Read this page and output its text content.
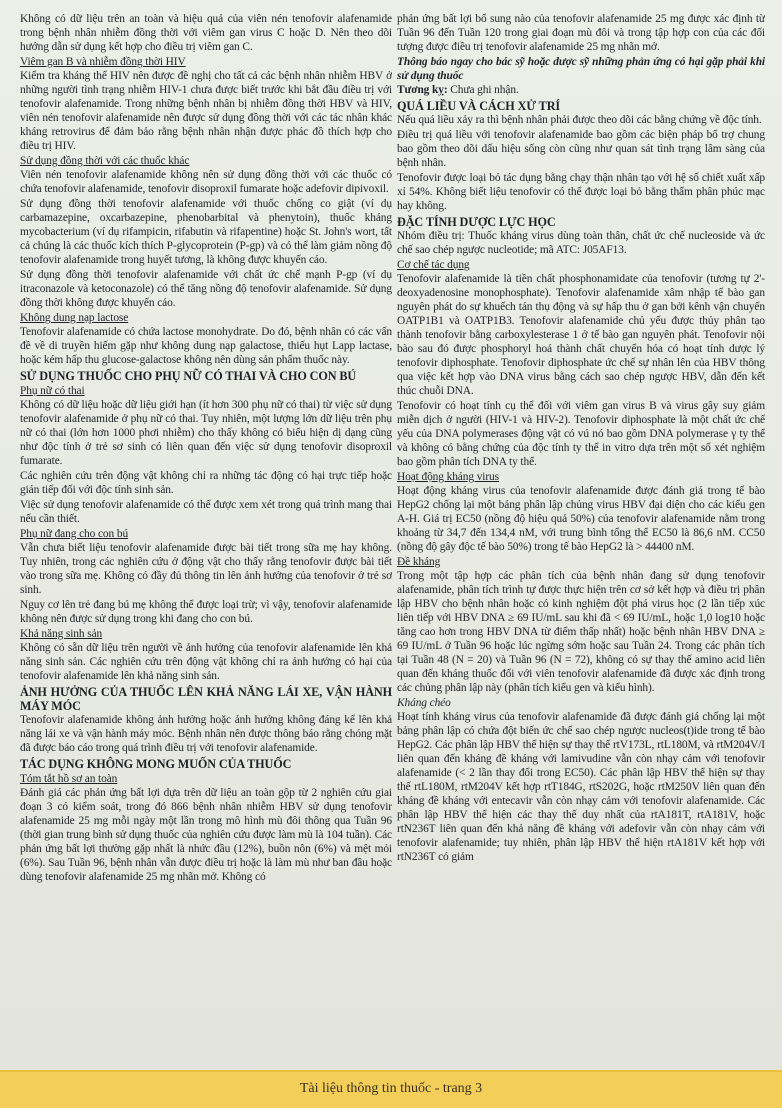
Không có dữ liệu trên an toàn và hiệu quả của viên nén tenofovir alafenamide trong bệnh nhân nhiễm đồng thời với viêm gan virus C hoặc D. Nên theo dõi hướng dẫn sử dụng kết hợp cho điều trị viêm gan C.
Viêm gan B và nhiễm đồng thời HIV
Kiểm tra kháng thể HIV nên được đề nghị cho tất cả các bệnh nhân nhiễm HBV ở những người tình trạng nhiễm HIV-1 chưa được biết trước khi bắt đầu điều trị với tenofovir alafenamide. Trong những bệnh nhân bị nhiễm đồng thời HBV và HIV, viên nén tenofovir alafenamide nên được sử dụng đồng thời với các tác nhân khác kháng retrovirus để đảm bảo rằng bệnh nhân nhận được phác đồ thích hợp cho điều trị HIV.
Sử dụng đồng thời với các thuốc khác
Viên nén tenofovir alafenamide không nên sử dụng đồng thời với các thuốc có chứa tenofovir alafenamide, tenofovir disoproxil fumarate hoặc adefovir dipivoxil.
Sử dụng đồng thời tenofovir alafenamide với thuốc chống co giật (ví dụ carbamazepine, oxcarbazepine, phenobarbital và phenytoin), thuốc kháng mycobacterium (ví dụ rifampicin, rifabutin và rifapentine) hoặc St. John's wort, tất cả chúng là các thuốc kích thích P-glycoprotein (P-gp) và có thể làm giảm nồng độ tenofovir alafenamide trong huyết tương, là không được khuyến cáo.
Sử dụng đồng thời tenofovir alafenamide với chất ức chế mạnh P-gp (ví dụ itraconazole và ketoconazole) có thể tăng nồng độ tenofovir alafenamide. Sử dụng đồng thời không được khuyến cáo.
Không dung nạp lactose
Tenofovir alafenamide có chứa lactose monohydrate. Do đó, bệnh nhân có các vấn đề về di truyền hiếm gặp như không dung nạp galactose, thiếu hụt Lapp lactase, hoặc kém hấp thu glucose-galactose không nên dùng sản phẩm thuốc này.
SỬ DỤNG THUỐC CHO PHỤ NỮ CÓ THAI VÀ CHO CON BÚ
Phụ nữ có thai
Không có dữ liệu hoặc dữ liệu giới hạn (ít hơn 300 phụ nữ có thai) từ việc sử dụng tenofovir alafenamide ở phụ nữ có thai. Tuy nhiên, một lượng lớn dữ liệu trên phụ nữ có thai (lớn hơn 1000 phơi nhiễm) cho thấy không có biểu hiện dị dạng cũng như độc tính ở trẻ sơ sinh có liên quan đến việc sử dụng tenofovir disoproxil fumarate.
Các nghiên cứu trên động vật không chỉ ra những tác động có hại trực tiếp hoặc gián tiếp đối với độc tính sinh sản.
Việc sử dụng tenofovir alafenamide có thể được xem xét trong quá trình mang thai nếu cần thiết.
Phụ nữ đang cho con bú
Vẫn chưa biết liệu tenofovir alafenamide được bài tiết trong sữa mẹ hay không. Tuy nhiên, trong các nghiên cứu ở động vật cho thấy rằng tenofovir được bài tiết vào trong sữa mẹ. Không có đầy đủ thông tin lên ảnh hưởng của tenofovir ở trẻ sơ sinh.
Nguy cơ lên trẻ đang bú mẹ không thể được loại trừ; vì vậy, tenofovir alafenamide không nên được sử dụng trong khi đang cho con bú.
Khả năng sinh sản
Không có sẵn dữ liệu trên người về ảnh hưởng của tenofovir alafenamide lên khả năng sinh sản. Các nghiên cứu trên động vật không chỉ ra ảnh hưởng có hại của tenofovir alafenamide lên khả năng sinh sản.
ẢNH HƯỞNG CỦA THUỐC LÊN KHẢ NĂNG LÁI XE, VẬN HÀNH MÁY MÓC
Tenofovir alafenamide không ảnh hưởng hoặc ảnh hưởng không đáng kể lên khả năng lái xe và vận hành máy móc. Bệnh nhân nên được thông báo rằng chóng mặt đã được báo cáo trong quá trình điều trị với tenofovir alafenamide.
TÁC DỤNG KHÔNG MONG MUỐN CỦA THUỐC
Tóm tắt hồ sơ an toàn
Đánh giá các phản ứng bất lợi dựa trên dữ liệu an toàn gộp từ 2 nghiên cứu giai đoạn 3 có kiểm soát, trong đó 866 bệnh nhân nhiễm HBV sử dụng tenofovir alafenamide 25 mg mỗi ngày một lần trong mô hình mù đôi thông qua Tuần 96 (thời gian trung bình sử dụng thuốc của nghiên cứu được làm mù là 104 tuần). Các phản ứng bất lợi thường gặp nhất là nhức đầu (12%), buồn nôn (6%) và mệt mỏi (6%). Sau Tuần 96, bệnh nhân vẫn được điều trị hoặc là làm mù như ban đầu hoặc dùng tenofovir alafenamide 25 mg nhãn mở. Không có
phản ứng bất lợi bổ sung nào của tenofovir alafenamide 25 mg được xác định từ Tuần 96 đến Tuần 120 trong giai đoạn mù đôi và trong tập hợp con của các đối tượng được điều trị tenofovir alafenamide 25 mg nhãn mở.
Thông báo ngay cho bác sỹ hoặc dược sỹ những phản ứng có hại gặp phải khi sử dụng thuốc
Tương kỵ: Chưa ghi nhận.
QUÁ LIỀU VÀ CÁCH XỬ TRÍ
Nếu quá liều xảy ra thì bệnh nhân phải được theo dõi các bằng chứng về độc tính.
Điều trị quá liều với tenofovir alafenamide bao gồm các biện pháp bổ trợ chung bao gồm theo dõi dấu hiệu sống còn cũng như quan sát tình trạng lâm sàng của bệnh nhân.
Tenofovir được loại bỏ tác dụng bằng chạy thận nhân tạo với hệ số chiết xuất xấp xỉ 54%. Không biết liệu tenofovir có thể được loại bỏ bằng thẩm phân phúc mạc hay không.
ĐẶC TÍNH DƯỢC LỰC HỌC
Nhóm điều trị: Thuốc kháng virus dùng toàn thân, chất ức chế nucleoside và ức chế sao chép ngược nucleotide; mã ATC: J05AF13.
Cơ chế tác dụng
Tenofovir alafenamide là tiền chất phosphonamidate của tenofovir (tương tự 2'-deoxyadenosine monophosphate). Tenofovir alafenamide xâm nhập tế bào gan nguyên phát do sự khuếch tán thụ động và sự hấp thu ở gan bởi kênh vận chuyển OATP1B1 và OATP1B3. Tenofovir alafenamide chủ yếu được thủy phân tạo thành tenofovir bằng carboxylesterase 1 ở tế bào gan nguyên phát. Tenofovir nội bào sau đó được phosphoryl hoá thành chất chuyển hóa có hoạt tính dược lý tenofovir diphosphate. Tenofovir diphosphate ức chế sự nhân lên của HBV thông qua việc kết hợp vào DNA virus bằng cách sao chép ngược HBV, dẫn đến kết thúc chuỗi DNA.
Tenofovir có hoạt tính cụ thể đối với viêm gan virus B và virus gây suy giảm miễn dịch ở người (HIV-1 và HIV-2). Tenofovir diphosphate là một chất ức chế yếu của DNA polymerases động vật có vú nó bao gồm DNA polymerase γ ty thể và không có bằng chứng của độc tính ty thể in vitro dựa trên một số xét nghiệm bao gồm phân tích DNA ty thể.
Hoạt động kháng virus
Hoạt động kháng virus của tenofovir alafenamide được đánh giá trong tế bào HepG2 chống lại một bảng phân lập chủng virus HBV đại diện cho các kiểu gen A-H. Giá trị EC50 (nồng độ hiệu quả 50%) của tenofovir alafenamide nằm trong khoảng từ 34,7 đến 134,4 nM, với trung bình tổng thể EC50 là 86,6 nM. CC50 (nồng độ gây độc tế bào 50%) trong tế bào HepG2 là > 44400 nM.
Đề kháng
Trong một tập hợp các phân tích của bệnh nhân đang sử dụng tenofovir alafenamide, phân tích trình tự được thực hiện trên cơ sở kết hợp và điều trị phân lập HBV cho bệnh nhân hoặc có kinh nghiệm đột phá virus học (2 lần tiếp xúc liên tiếp với HBV DNA ≥ 69 IU/mL sau khi đã < 69 IU/mL, hoặc 1,0 log10 hoặc tăng cao hơn trong HBV DNA từ điểm thấp nhất) hoặc bệnh nhân HBV DNA ≥ 69 IU/mL ở Tuần 96 hoặc lúc ngừng sớm hoặc sau Tuần 24. Trong các phân tích tại Tuần 48 (N = 20) và Tuần 96 (N = 72), không có sự thay thế amino acid liên quan đến kháng thuốc đối với viên tenofovir alafenamide đã được xác định trong các chủng phân lập này (phân tích kiểu gen và kiểu hình).
Kháng chéo
Hoạt tính kháng virus của tenofovir alafenamide đã được đánh giá chống lại một bảng phân lập có chứa đột biến ức chế sao chép ngược nucleos(t)ide trong tế bào HepG2. Các phân lập HBV thể hiện sự thay thế rtV173L, rtL180M, và rtM204V/I liên quan đến kháng đề kháng với lamivudine vẫn còn nhạy cảm với tenofovir alafenamide (< 2 lần thay đổi trong EC50). Các phân lập HBV thể hiện sự thay thế rtL180M, rtM204V kết hợp rtT184G, rtS202G, hoặc rtM250V liên quan đến kháng đề kháng với entecavir vẫn còn nhạy cảm với tenofovir alafenamide. Các phân lập HBV thể hiện các thay thế duy nhất của rtA181T, rtA181V, hoặc rtN236T liên quan đến khả năng đề kháng với adefovir vẫn còn nhạy cảm với tenofovir alafenamide; tuy nhiên, phân lập HBV thể hiện rtA181V kết hợp với rtN236T có giảm
Tài liệu thông tin thuốc - trang 3
